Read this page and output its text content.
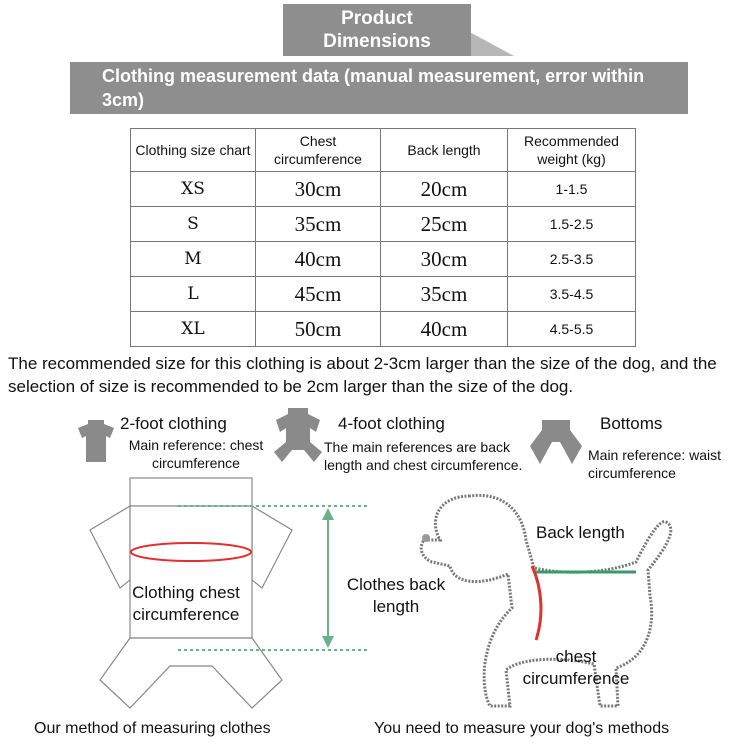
Product
Dimensions
Clothing measurement data (manual measurement, error within 3cm)
Clothing size chart	Chest circumference	Back length	Recommended weight (kg)
XS	30cm	20cm	1-1.5
S	35cm	25cm	1.5-2.5
M	40cm	30cm	2.5-3.5
L	45cm	35cm	3.5-4.5
XL	50cm	40cm	4.5-5.5
The recommended size for this clothing is about 2-3cm larger than the size of the dog, and the selection of size is recommended to be 2cm larger than the size of the dog.
2-foot clothing
Main reference: chest circumference
4-foot clothing
The main references are back length and chest circumference.
Bottoms
Main reference: waist circumference
Clothing chest circumference
Clothes back length
Back length
chest circumference
Our method of measuring clothes	You need to measure your dog's methods
